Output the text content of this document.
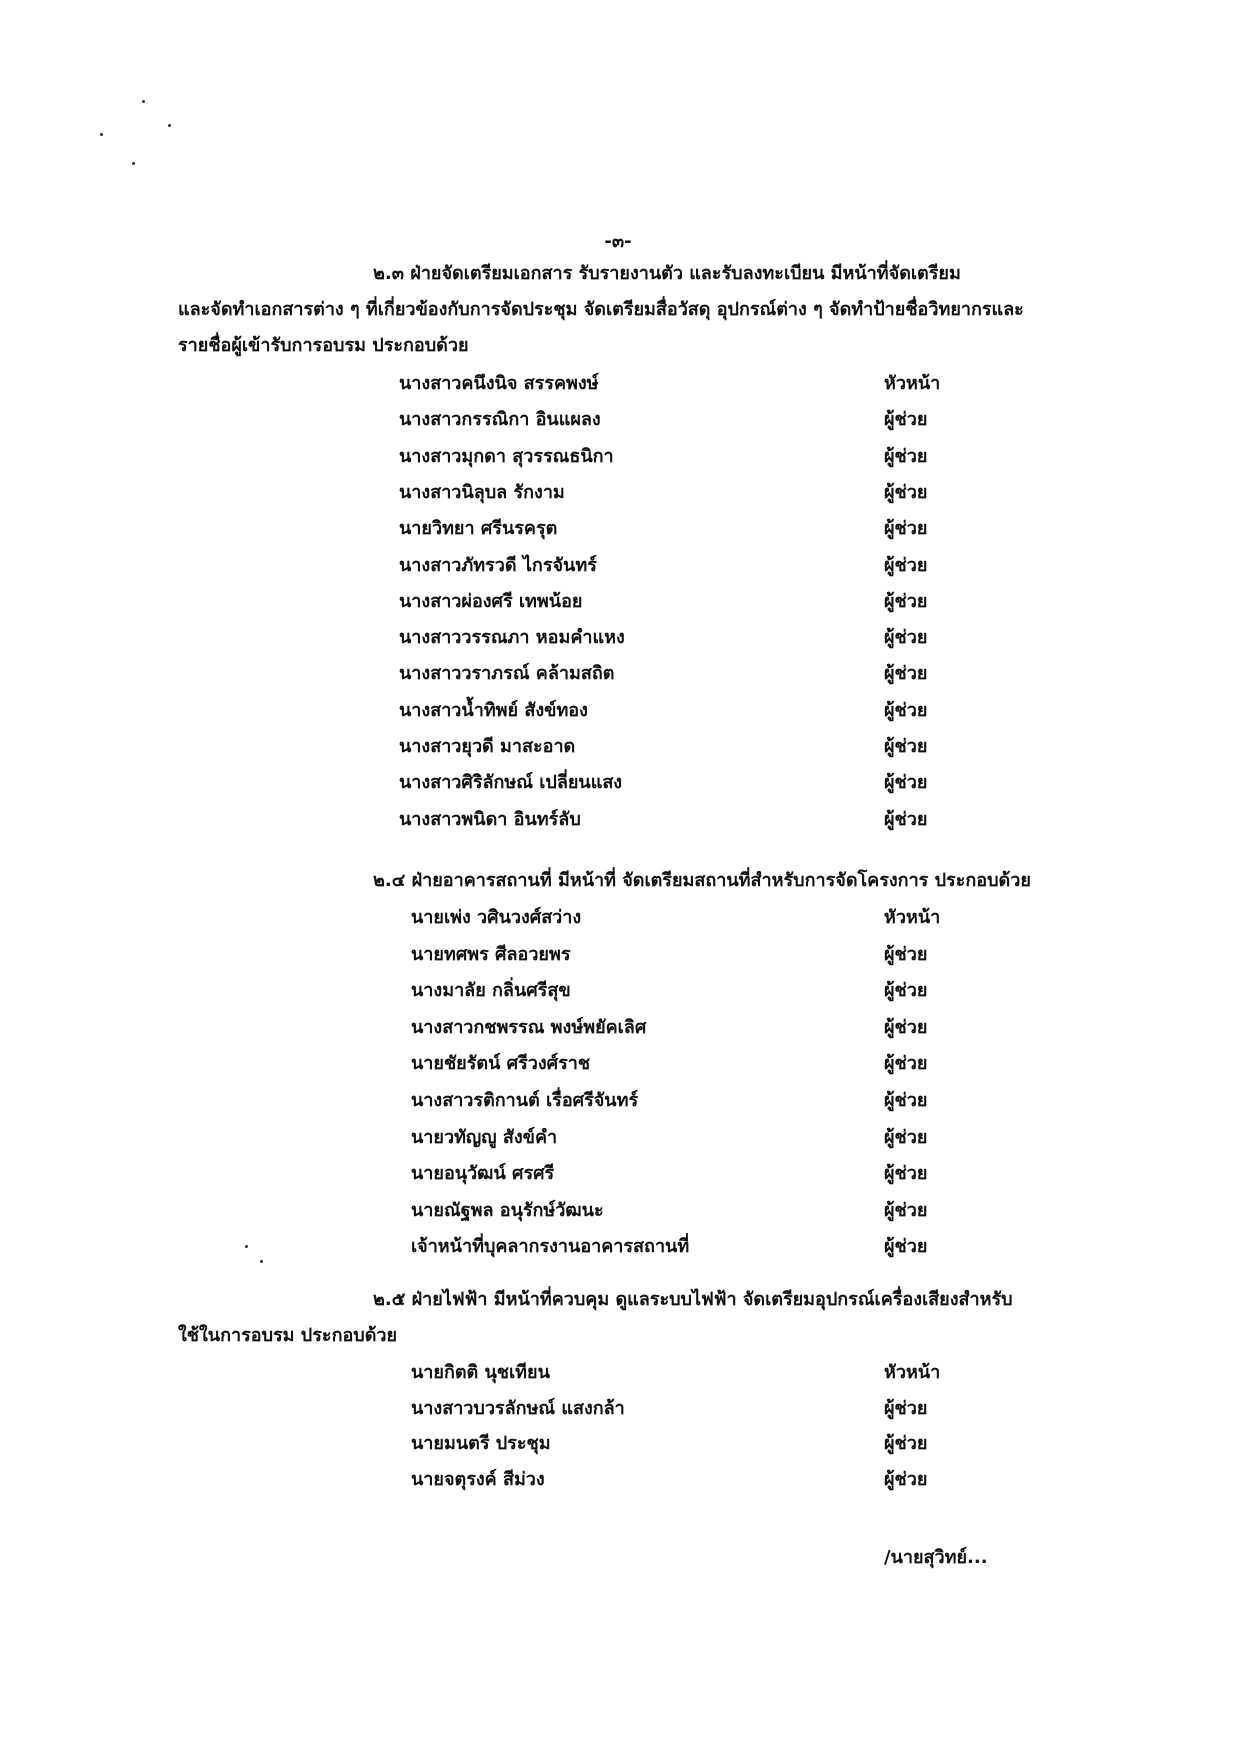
-๓-
๒.๓ ฝ่ายจัดเตรียมเอกสาร รับรายงานตัว และรับลงทะเบียน มีหน้าที่จัดเตรียม
และจัดทำเอกสารต่าง ๆ ที่เกี่ยวข้องกับการจัดประชุม จัดเตรียมสื่อวัสดุ อุปกรณ์ต่าง ๆ จัดทำป้ายชื่อวิทยากรและ
รายชื่อผู้เข้ารับการอบรม ประกอบด้วย
นางสาวคนึงนิจ สรรคพงษ์	หัวหน้า
นางสาวกรรณิกา อินแผลง	ผู้ช่วย
นางสาวมุกดา สุวรรณธนิกา	ผู้ช่วย
นางสาวนิลุบล รักงาม	ผู้ช่วย
นายวิทยา ศรีนรครุต	ผู้ช่วย
นางสาวภัทรวดี ไกรจันทร์	ผู้ช่วย
นางสาวผ่องศรี เทพน้อย	ผู้ช่วย
นางสาววรรณภา หอมคำแหง	ผู้ช่วย
นางสาววราภรณ์ คล้ามสถิต	ผู้ช่วย
นางสาวน้ำทิพย์ สังข์ทอง	ผู้ช่วย
นางสาวยุวดี มาสะอาด	ผู้ช่วย
นางสาวศิริลักษณ์ เปลี่ยนแสง	ผู้ช่วย
นางสาวพนิดา อินทร์ลับ	ผู้ช่วย
๒.๔ ฝ่ายอาคารสถานที่ มีหน้าที่ จัดเตรียมสถานที่สำหรับการจัดโครงการ ประกอบด้วย
นายเพ่ง วศินวงศ์สว่าง	หัวหน้า
นายทศพร ศีลอวยพร	ผู้ช่วย
นางมาลัย กลิ่นศรีสุข	ผู้ช่วย
นางสาวกชพรรณ พงษ์พยัคเลิศ	ผู้ช่วย
นายชัยรัตน์ ศรีวงศ์ราช	ผู้ช่วย
นางสาวรติกานต์ เรื่อศรีจันทร์	ผู้ช่วย
นายวทัญญู สังข์คำ	ผู้ช่วย
นายอนุวัฒน์ ศรศรี	ผู้ช่วย
นายณัฐพล อนุรักษ์วัฒนะ	ผู้ช่วย
เจ้าหน้าที่บุคลากรงานอาคารสถานที่	ผู้ช่วย
๒.๕ ฝ่ายไฟฟ้า มีหน้าที่ควบคุม ดูแลระบบไฟฟ้า จัดเตรียมอุปกรณ์เครื่องเสียงสำหรับ
ใช้ในการอบรม ประกอบด้วย
นายกิตติ นุชเทียน	หัวหน้า
นางสาวบวรลักษณ์ แสงกล้า	ผู้ช่วย
นายมนตรี ประชุม	ผู้ช่วย
นายจตุรงค์ สีม่วง	ผู้ช่วย
/นายสุวิทย์...
